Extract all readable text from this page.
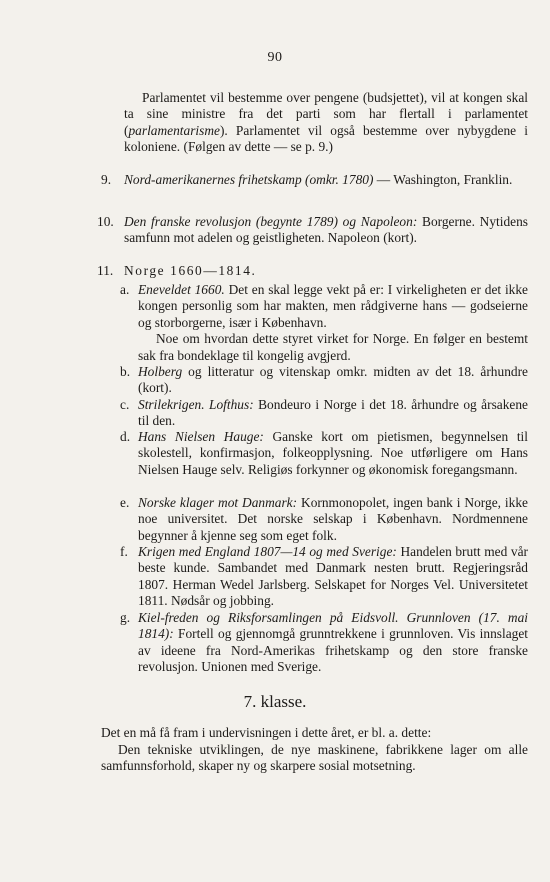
90
Parlamentet vil bestemme over pengene (budsjettet), vil at kongen skal ta sine ministre fra det parti som har flertall i parlamentet (parlamentarisme). Parlamentet vil også bestemme over nybygdene i koloniene. (Følgen av dette — se p. 9.)
9. Nord-amerikanernes frihetskamp (omkr. 1780) — Washington, Franklin.
10. Den franske revolusjon (begynte 1789) og Napoleon: Borgerne. Nytidens samfunn mot adelen og geistligheten. Napoleon (kort).
11. Norge 1660—1814.
a. Eneveldet 1660. Det en skal legge vekt på er: I virkeligheten er det ikke kongen personlig som har makten, men rådgiverne hans — godseierne og storborgerne, især i København.
Noe om hvordan dette styret virket for Norge. En følger en bestemt sak fra bondeklage til kongelig avgjerd.
b. Holberg og litteratur og vitenskap omkr. midten av det 18. århundre (kort).
c. Strilekrigen. Lofthus: Bondeuro i Norge i det 18. århundre og årsakene til den.
d. Hans Nielsen Hauge: Ganske kort om pietismen, begynnelsen til skolestell, konfirmasjon, folkeopplysning. Noe utførligere om Hans Nielsen Hauge selv. Religiøs forkynner og økonomisk foregangsmann.
e. Norske klager mot Danmark: Kornmonopolet, ingen bank i Norge, ikke noe universitet. Det norske selskap i København. Nordmennene begynner å kjenne seg som eget folk.
f. Krigen med England 1807—14 og med Sverige: Handelen brutt med vår beste kunde. Sambandet med Danmark nesten brutt. Regjeringsråd 1807. Herman Wedel Jarlsberg. Selskapet for Norges Vel. Universitetet 1811. Nødsår og jobbing.
g. Kiel-freden og Riksforsamlingen på Eidsvoll. Grunnloven (17. mai 1814): Fortell og gjennomgå grunntrekkene i grunnloven. Vis innslaget av ideene fra Nord-Amerikas frihetskamp og den store franske revolusjon. Unionen med Sverige.
7. klasse.
Det en må få fram i undervisningen i dette året, er bl. a. dette:
Den tekniske utviklingen, de nye maskinene, fabrikkene lager om alle samfunnsforhold, skaper ny og skarpere sosial motsetning.
